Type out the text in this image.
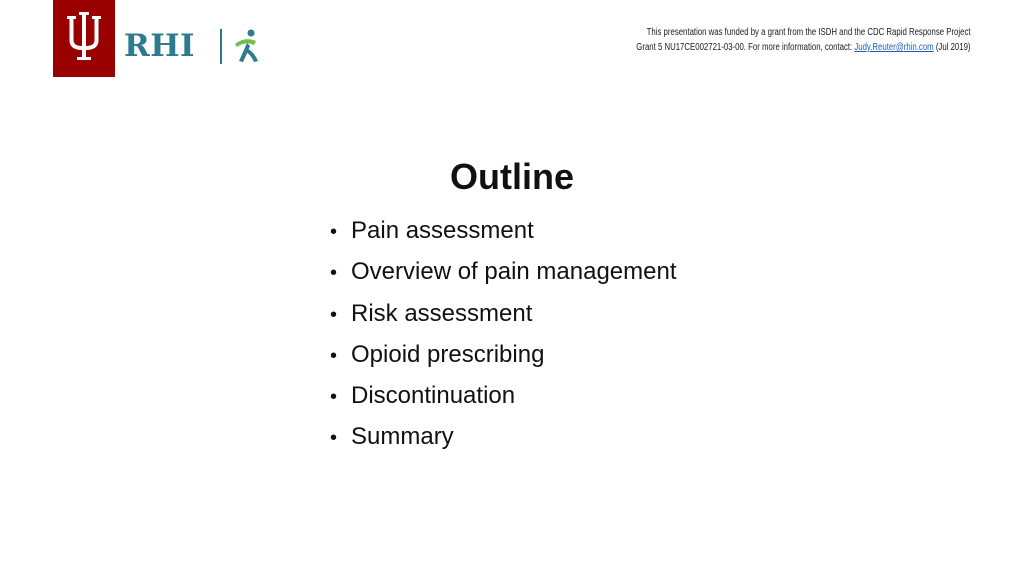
RHI	This presentation was funded by a grant from the ISDH and the CDC Rapid Response Project
Grant 5 NU17CE002721-03-00. For more information, contact: Judy.Reuter@rhin.com (Jul 2019)
Outline
• Pain assessment
• Overview of pain management
• Risk assessment
• Opioid prescribing
• Discontinuation
• Summary
